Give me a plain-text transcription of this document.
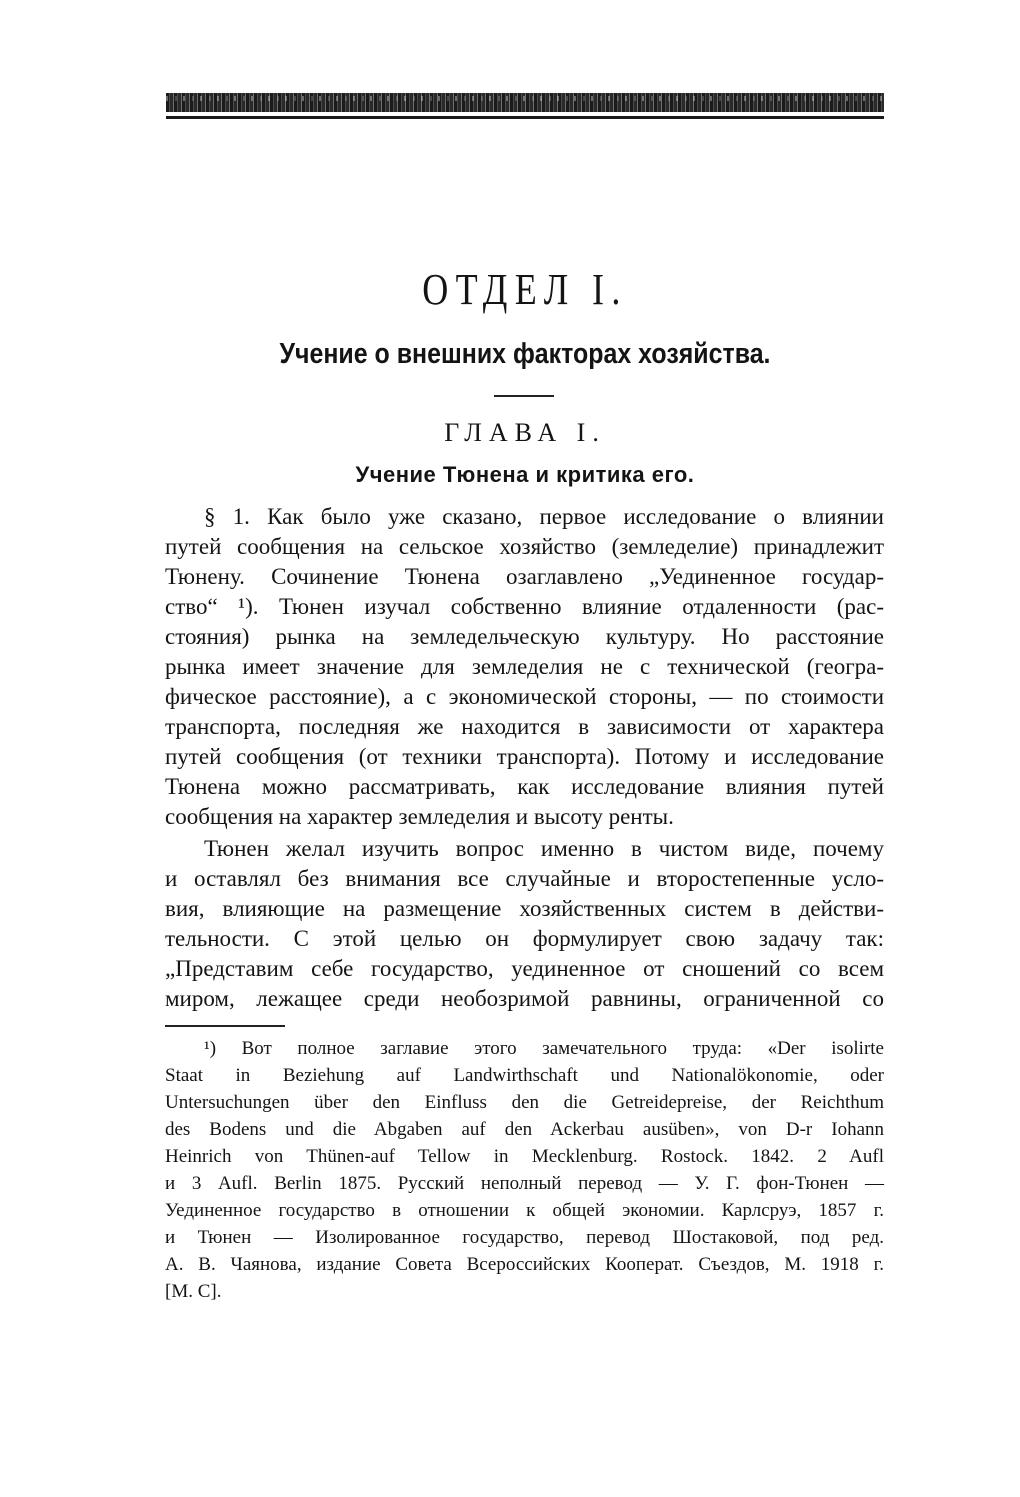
ОТДЕЛ I.
Учение о внешних факторах хозяйства.
ГЛАВА I.
Учение Тюнена и критика его.
§ 1. Как было уже сказано, первое исследование о влиянии
путей сообщения на сельское хозяйство (земледелие) принадлежит
Тюнену. Сочинение Тюнена озаглавлено „Уединенное государ-
ство“ ¹). Тюнен изучал собственно влияние отдаленности (рас-
стояния) рынка на земледельческую культуру. Но расстояние
рынка имеет значение для земледелия не с технической (геогра-
фическое расстояние), а с экономической стороны, — по стоимости
транспорта, последняя же находится в зависимости от характера
путей сообщения (от техники транспорта). Потому и исследование
Тюнена можно рассматривать, как исследование влияния путей
сообщения на характер земледелия и высоту ренты.
Тюнен желал изучить вопрос именно в чистом виде, почему
и оставлял без внимания все случайные и второстепенные усло-
вия, влияющие на размещение хозяйственных систем в действи-
тельности. С этой целью он формулирует свою задачу так:
„Представим себе государство, уединенное от сношений со всем
миром, лежащее среди необозримой равнины, ограниченной со
¹) Вот полное заглавие этого замечательного труда: «Der isolirte
Staat in Beziehung auf Landwirthschaft und Nationalökonomie, oder
Untersuchungen über den Einfluss den die Getreidepreise, der Reichthum
des Bodens und die Abgaben auf den Ackerbau ausüben», von D-r Iohann
Heinrich von Thünen-auf Tellow in Mecklenburg. Rostock. 1842. 2 Aufl
и 3 Aufl. Berlin 1875. Русский неполный перевод — У. Г. фон-Тюнен —
Уединенное государство в отношении к общей экономии. Карлсруэ, 1857 г.
и Тюнен — Изолированное государство, перевод Шостаковой, под ред.
А. В. Чаянова, издание Совета Всероссийских Кооперат. Съездов, М. 1918 г.
[М. С].
